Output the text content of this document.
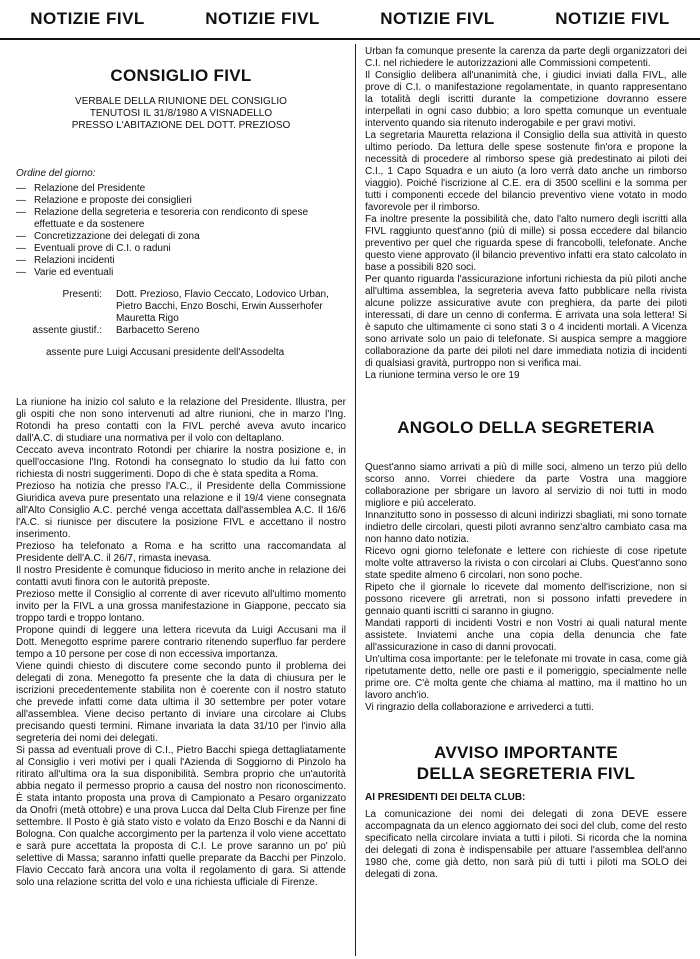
NOTIZIE FIVL	NOTIZIE FIVL	NOTIZIE FIVL	NOTIZIE FIVL
CONSIGLIO FIVL
VERBALE DELLA RIUNIONE DEL CONSIGLIO
TENUTOSI IL 31/8/1980 A VISNADELLO
PRESSO L'ABITAZIONE DEL DOTT. PREZIOSO
Ordine del giorno:
— Relazione del Presidente
— Relazione e proposte dei consiglieri
— Relazione della segreteria e tesoreria con rendiconto di spese effettuate e da sostenere
— Concretizzazione dei delegati di zona
— Eventuali prove di C.I. o raduni
— Relazioni incidenti
— Varie ed eventuali
Presenti:	Dott. Prezioso, Flavio Ceccato, Lodovico Urban, Pietro Bacchi, Enzo Boschi, Erwin Ausserhofer Mauretta Rigo
assente giustif.:	Barbacetto Sereno
assente pure Luigi Accusani presidente dell'Assodelta

La riunione ha inizio col saluto e la relazione del Presidente. Illustra, per gli ospiti che non sono intervenuti ad altre riunioni, che in marzo l'Ing. Rotondi ha preso contatti con la FIVL perché aveva avuto incarico dall'A.C. di studiare una normativa per il volo con deltaplano.

Ceccato aveva incontrato Rotondi per chiarire la nostra posizione e, in quell'occasione l'Ing. Rotondi ha consegnato lo studio da lui fatto con richiesta di nostri suggerimenti. Dopo di che è stata spedita a Roma.

Prezioso ha notizia che presso l'A.C., il Presidente della Commissione Giuridica aveva pure presentato una relazione e il 19/4 viene consegnata all'Alto Consiglio A.C. perché venga accettata dall'assemblea A.C. Il 16/6 l'A.C. si riunisce per discutere la posizione FIVL e accettano il nostro inserimento.

Prezioso ha telefonato a Roma e ha scritto una raccomandata al Presidente dell'A.C. il 26/7, rimasta inevasa.

Il nostro Presidente è comunque fiducioso in merito anche in relazione dei contatti avuti finora con le autorità preposte.

Prezioso mette il Consiglio al corrente di aver ricevuto all'ultimo momento invito per la FIVL a una grossa manifestazione in Giappone, peccato sia troppo tardi e troppo lontano.

Propone quindi di leggere una lettera ricevuta da Luigi Accusani ma il Dott. Menegotto esprime parere contrario ritenendo superfluo far perdere tempo a 10 persone per cose di non eccessiva importanza.

Viene quindi chiesto di discutere come secondo punto il problema dei delegati di zona. Menegotto fa presente che la data di chiusura per le iscrizioni precedentemente stabilita non è coerente con il nostro statuto che prevede infatti come data ultima il 30 settembre per poter votare all'assemblea. Viene deciso pertanto di inviare una circolare ai Clubs precisando questi termini. Rimane invariata la data 31/10 per l'invio alla segreteria dei nomi dei delegati.

Si passa ad eventuali prove di C.I., Pietro Bacchi spiega dettagliatamente al Consiglio i veri motivi per i quali l'Azienda di Soggiorno di Pinzolo ha ritirato all'ultima ora la sua disponibilità. Sembra proprio che un'autorità abbia negato il permesso proprio a causa del nostro non riconoscimento. È stata intanto proposta una prova di Campionato a Pesaro organizzato da Onofri (metà ottobre) e una prova Lucca dal Delta Club Firenze per fine settembre. Il Posto è già stato visto e volato da Enzo Boschi e da Nanni di Bologna. Con qualche accorgimento per la partenza il volo viene accettato e sarà pure accettata la proposta di C.I. Le prove saranno un po' più selettive di Massa; saranno infatti quelle preparate da Bacchi per Pinzolo. Flavio Ceccato farà ancora una volta il regolamento di gara. Si attende solo una relazione scritta del volo e una richiesta ufficiale di Firenze.

Urban fa comunque presente la carenza da parte degli organizzatori dei C.I. nel richiedere le autorizzazioni alle Commissioni competenti.

Il Consiglio delibera all'unanimità che, i giudici inviati dalla FIVL, alle prove di C.I. o manifestazione regolamentate, in quanto rappresentano la totalità degli iscritti durante la competizione dovranno essere interpellati in ogni caso dubbio; a loro spetta comunque un eventuale intervento quando sia ritenuto inderogabile e per gravi motivi.

La segretaria Mauretta relaziona il Consiglio della sua attività in questo ultimo periodo. Da lettura delle spese sostenute fin'ora e propone la necessità di procedere al rimborso spese già predestinato ai piloti dei C.I., 1 Capo Squadra e un aiuto (a loro verrà dato anche un rimborso viaggio). Poiché l'iscrizione al C.E. era di 3500 scellini e la somma per tutti i componenti eccede del bilancio preventivo viene votato in modo favorevole per il rimborso.

Fa inoltre presente la possibilità che, dato l'alto numero degli iscritti alla FIVL raggiunto quest'anno (più di mille) si possa eccedere dal bilancio preventivo per quel che riguarda spese di francobolli, telefonate. Anche questo viene approvato (il bilancio preventivo infatti era stato calcolato in base a possibili 820 soci.

Per quanto riguarda l'assicurazione infortuni richiesta da più piloti anche all'ultima assemblea, la segreteria aveva fatto pubblicare nella rivista alcune polizze assicurative avute con preghiera, da parte dei piloti interessati, di dare un cenno di conferma. È arrivata una sola lettera! Si è saputo che ultimamente ci sono stati 3 o 4 incidenti mortali. A Vicenza sono arrivate solo un paio di telefonate. Si auspica sempre a maggiore collaborazione da parte dei piloti nel dare immediata notizia di incidenti di qualsiasi gravità, purtroppo non si verifica mai.

La riunione termina verso le ore 19

ANGOLO DELLA SEGRETERIA

Quest'anno siamo arrivati a più di mille soci, almeno un terzo più dello scorso anno. Vorrei chiedere da parte Vostra una maggiore collaborazione per sbrigare un lavoro al servizio di noi tutti in modo migliore e più accelerato.

Innanzitutto sono in possesso di alcuni indirizzi sbagliati, mi sono tornate indietro delle circolari, questi piloti avranno senz'altro cambiato casa ma non hanno dato notizia.

Ricevo ogni giorno telefonate e lettere con richieste di cose ripetute molte volte attraverso la rivista o con circolari ai Clubs. Quest'anno sono state spedite almeno 6 circolari, non sono poche.

Ripeto che il giornale lo ricevete dal momento dell'iscrizione, non si possono ricevere gli arretrati, non si possono infatti prevedere in gennaio quanti iscritti ci saranno in giugno.

Mandati rapporti di incidenti Vostri e non Vostri ai quali natural mente assistete. Inviatemi anche una copia della denuncia che fate all'assicurazione in caso di danni provocati.

Un'ultima cosa importante: per le telefonate mi trovate in casa, come già ripetutamente detto, nelle ore pasti e il pomeriggio, specialmente nelle prime ore. C'è molta gente che chiama al mattino, ma il mattino ho un lavoro anch'io.

Vi ringrazio della collaborazione e arrivederci a tutti.

AVVISO IMPORTANTE
DELLA SEGRETERIA FIVL
AI PRESIDENTI DEI DELTA CLUB:

La comunicazione dei nomi dei delegati di zona DEVE essere accompagnata da un elenco aggiornato dei soci del club, come del resto specificato nella circolare inviata a tutti i piloti. Si ricorda che la nomina dei delegati di zona è indispensabile per attuare l'assemblea dell'anno 1980 che, come già detto, non sarà più di tutti i piloti ma SOLO dei delegati di zona.
